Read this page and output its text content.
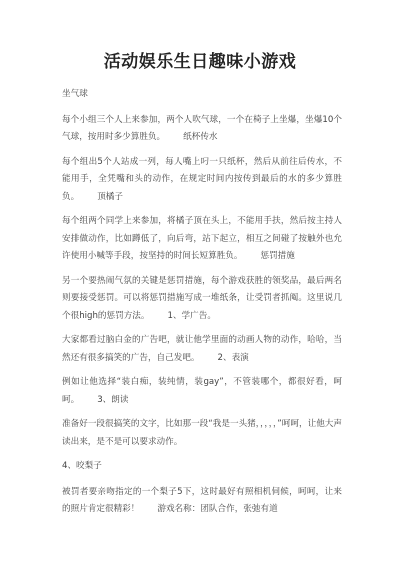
活动娱乐生日趣味小游戏

坐气球

每个小组三个人上来参加，两个人吹气球，一个在椅子上坐爆，坐爆10个气球，按用时多少算胜负。 纸杯传水

每个组出5个人站成一列，每人嘴上叼一只纸杯，然后从前往后传水，不能用手，全凭嘴和头的动作，在规定时间内按传到最后的水的多少算胜负。 顶橘子

每个组两个同学上来参加，将橘子顶在头上，不能用手扶，然后按主持人安排做动作，比如蹲低了，向后弯，站下起立，相互之间碰了按触外也允许使用小喊等手段，按坚持的时间长短算胜负。 惩罚措施

另一个要热闹气氛的关键是惩罚措施，每个游戏获胜的领奖品，最后两名则要接受惩罚。可以将惩罚措施写成一堆纸条，让受罚者抓阄。这里说几个很high的惩罚方法。 1、学广告。

大家都看过脑白金的广告吧，就让他学里面的动画人物的动作，哈哈，当然还有很多搞笑的广告，自己发吧。 2、表演

例如让他选择“装白痴，装纯情，装gay”，不管装哪个，都很好看，呵呵。 3、朗读

准备好一段很搞笑的文字，比如那一段“我是一头猪，，，，，”呵呵，让他大声读出来，是不是可以要求动作。

4、咬梨子

被罚者要亲吻指定的一个梨子5下，这时最好有照相机伺候，呵呵，让来的照片肯定很精彩！ 游戏名称：团队合作，张弛有道
